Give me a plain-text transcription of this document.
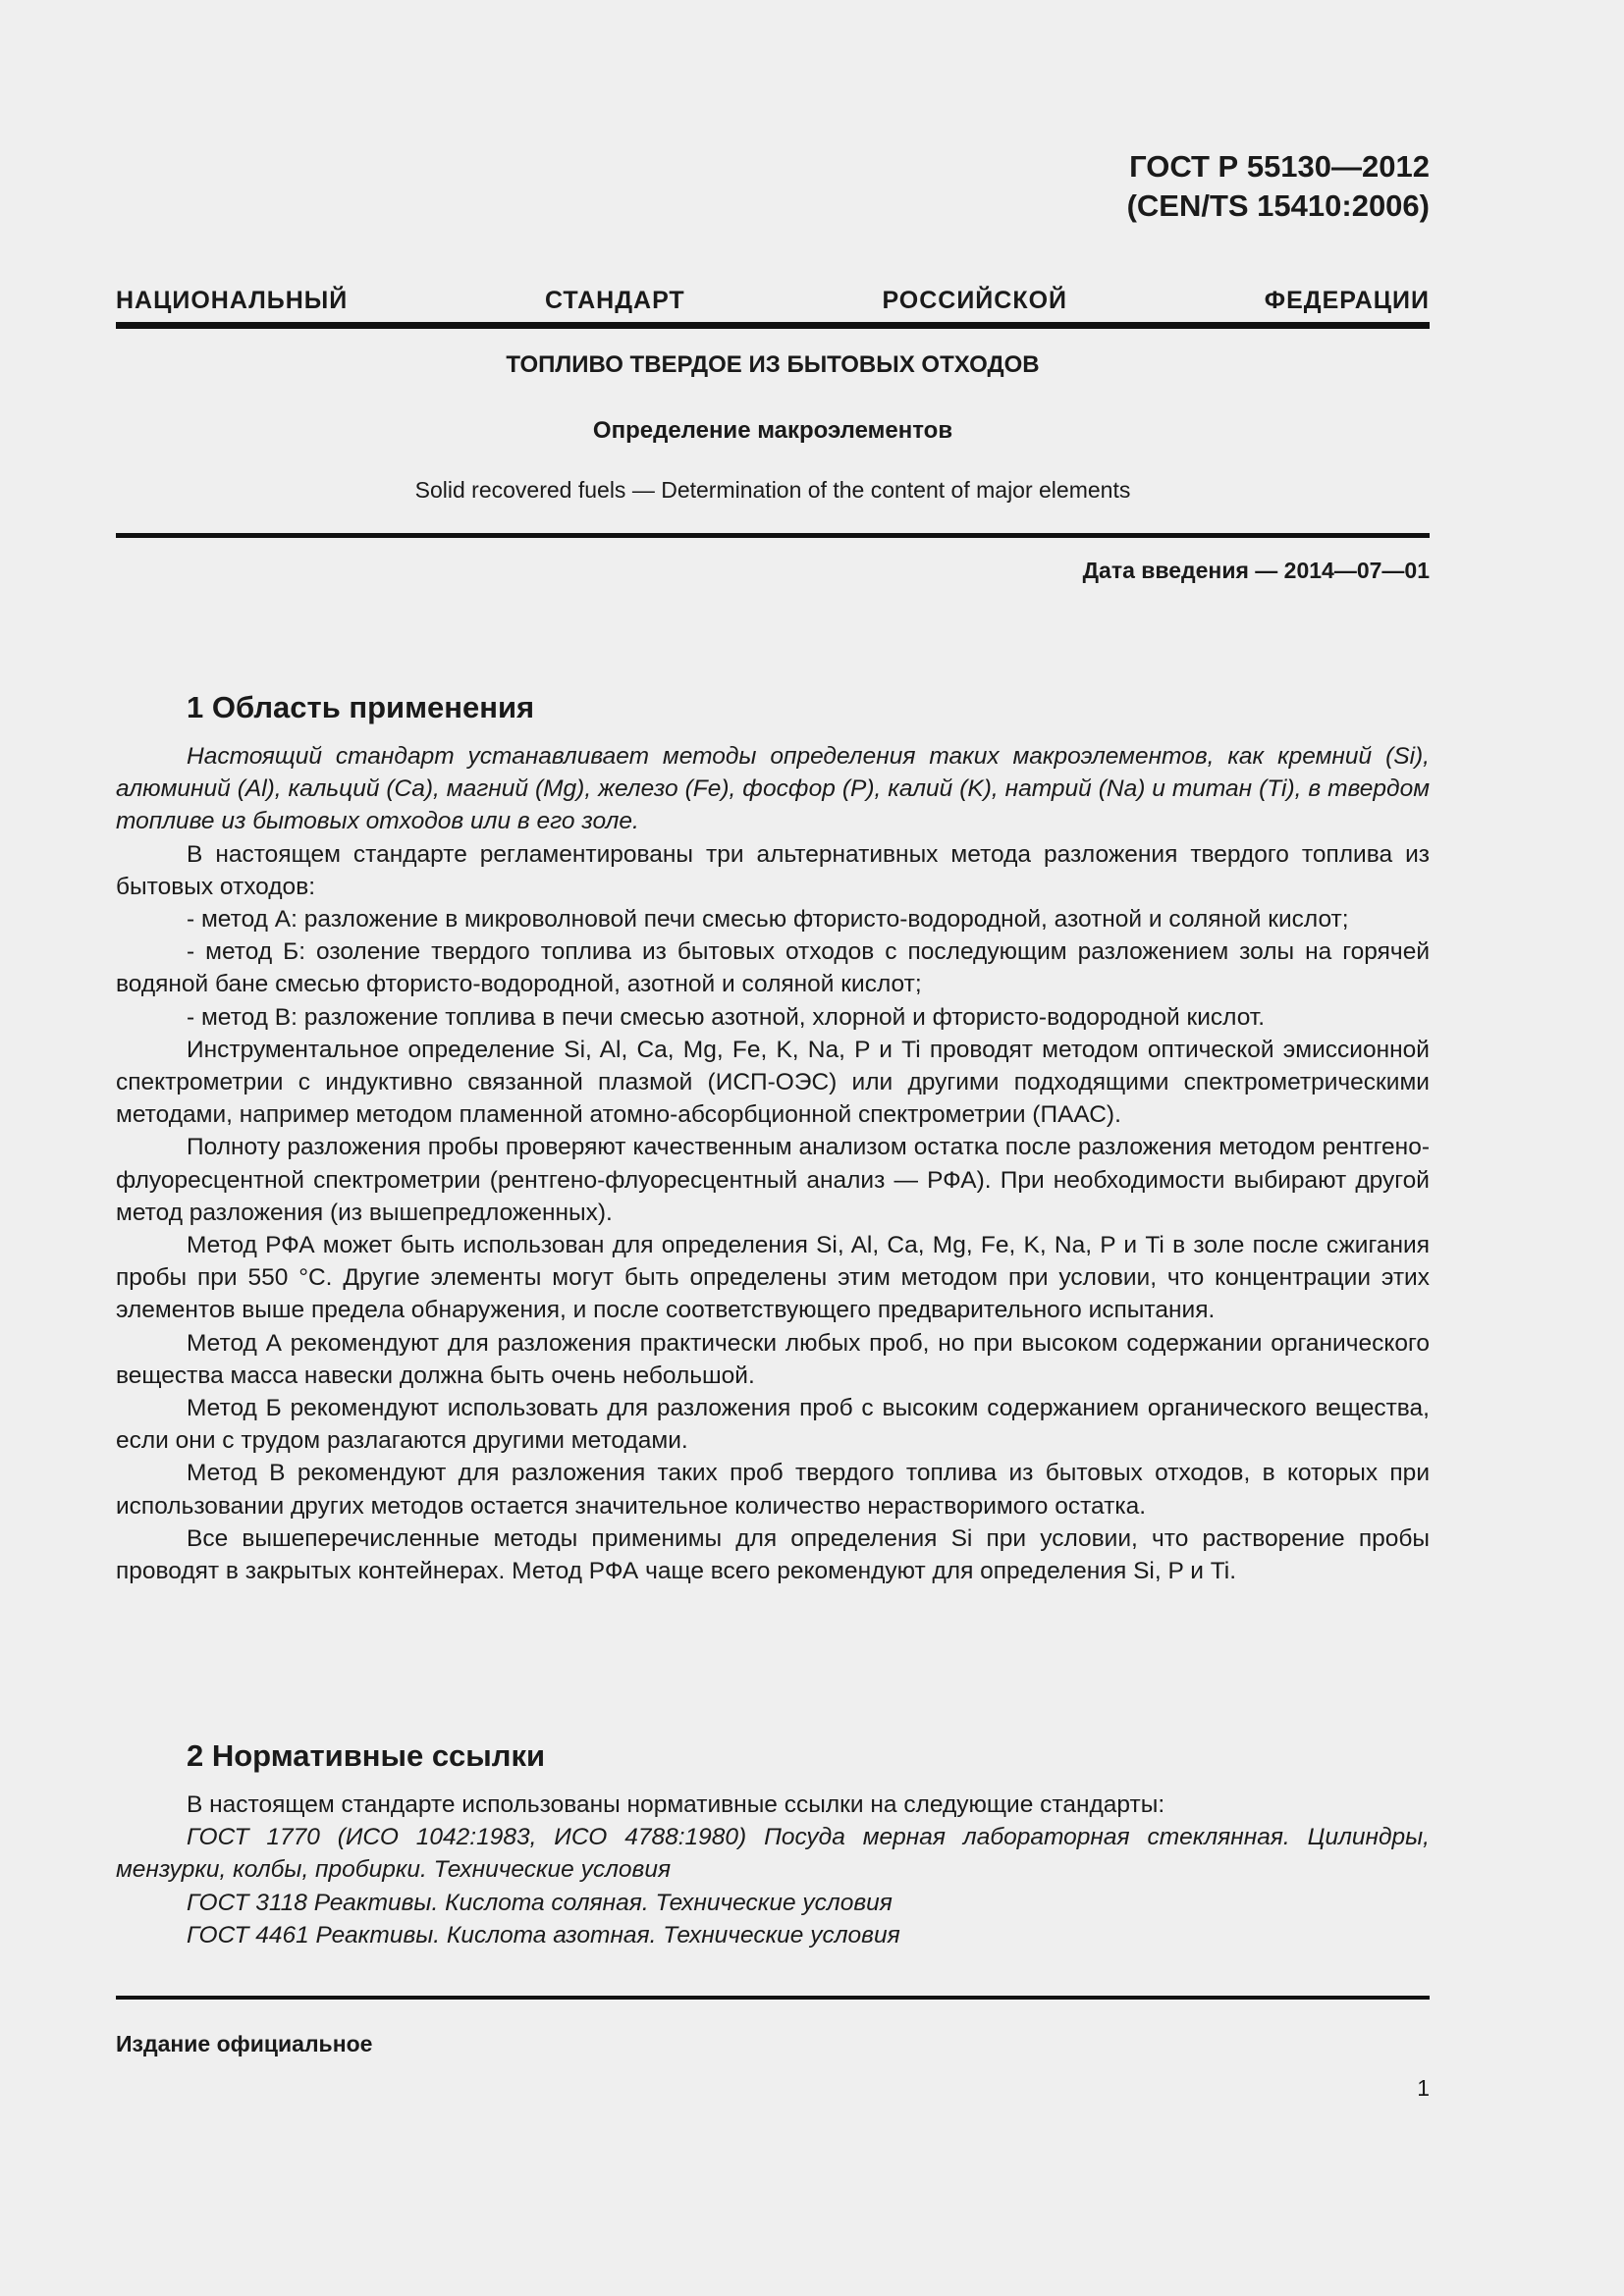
ГОСТ Р 55130—2012
(CEN/TS 15410:2006)
НАЦИОНАЛЬНЫЙ СТАНДАРТ РОССИЙСКОЙ ФЕДЕРАЦИИ
ТОПЛИВО ТВЕРДОЕ ИЗ БЫТОВЫХ ОТХОДОВ
Определение макроэлементов
Solid recovered fuels — Determination of the content of major elements
Дата введения — 2014—07—01
1 Область применения

Настоящий стандарт устанавливает методы определения таких макроэлементов, как кремний (Si), алюминий (Al), кальций (Ca), магний (Mg), железо (Fe), фосфор (P), калий (K), натрий (Na) и титан (Ti), в твердом топливе из бытовых отходов или в его золе.

В настоящем стандарте регламентированы три альтернативных метода разложения твердого топлива из бытовых отходов:

- метод А: разложение в микроволновой печи смесью фтористо-водородной, азотной и соляной кислот;

- метод Б: озоление твердого топлива из бытовых отходов с последующим разложением золы на горячей водяной бане смесью фтористо-водородной, азотной и соляной кислот;

- метод В: разложение топлива в печи смесью азотной, хлорной и фтористо-водородной кислот.

Инструментальное определение Si, Al, Ca, Mg, Fe, K, Na, P и Ti проводят методом оптической эмиссионной спектрометрии с индуктивно связанной плазмой (ИСП-ОЭС) или другими подходящими спектрометрическими методами, например методом пламенной атомно-абсорбционной спектрометрии (ПААС).

Полноту разложения пробы проверяют качественным анализом остатка после разложения методом рентгено-флуоресцентной спектрометрии (рентгено-флуоресцентный анализ — РФА). При необходимости выбирают другой метод разложения (из вышепредложенных).

Метод РФА может быть использован для определения Si, Al, Ca, Mg, Fe, K, Na, P и Ti в золе после сжигания пробы при 550 °С. Другие элементы могут быть определены этим методом при условии, что концентрации этих элементов выше предела обнаружения, и после соответствующего предварительного испытания.

Метод А рекомендуют для разложения практически любых проб, но при высоком содержании органического вещества масса навески должна быть очень небольшой.

Метод Б рекомендуют использовать для разложения проб с высоким содержанием органического вещества, если они с трудом разлагаются другими методами.

Метод В рекомендуют для разложения таких проб твердого топлива из бытовых отходов, в которых при использовании других методов остается значительное количество нерастворимого остатка.

Все вышеперечисленные методы применимы для определения Si при условии, что растворение пробы проводят в закрытых контейнерах. Метод РФА чаще всего рекомендуют для определения Si, P и Ti.

2 Нормативные ссылки

В настоящем стандарте использованы нормативные ссылки на следующие стандарты:

ГОСТ 1770 (ИСО 1042:1983, ИСО 4788:1980) Посуда мерная лабораторная стеклянная. Цилиндры, мензурки, колбы, пробирки. Технические условия

ГОСТ 3118 Реактивы. Кислота соляная. Технические условия

ГОСТ 4461 Реактивы. Кислота азотная. Технические условия

Издание официальное
1
